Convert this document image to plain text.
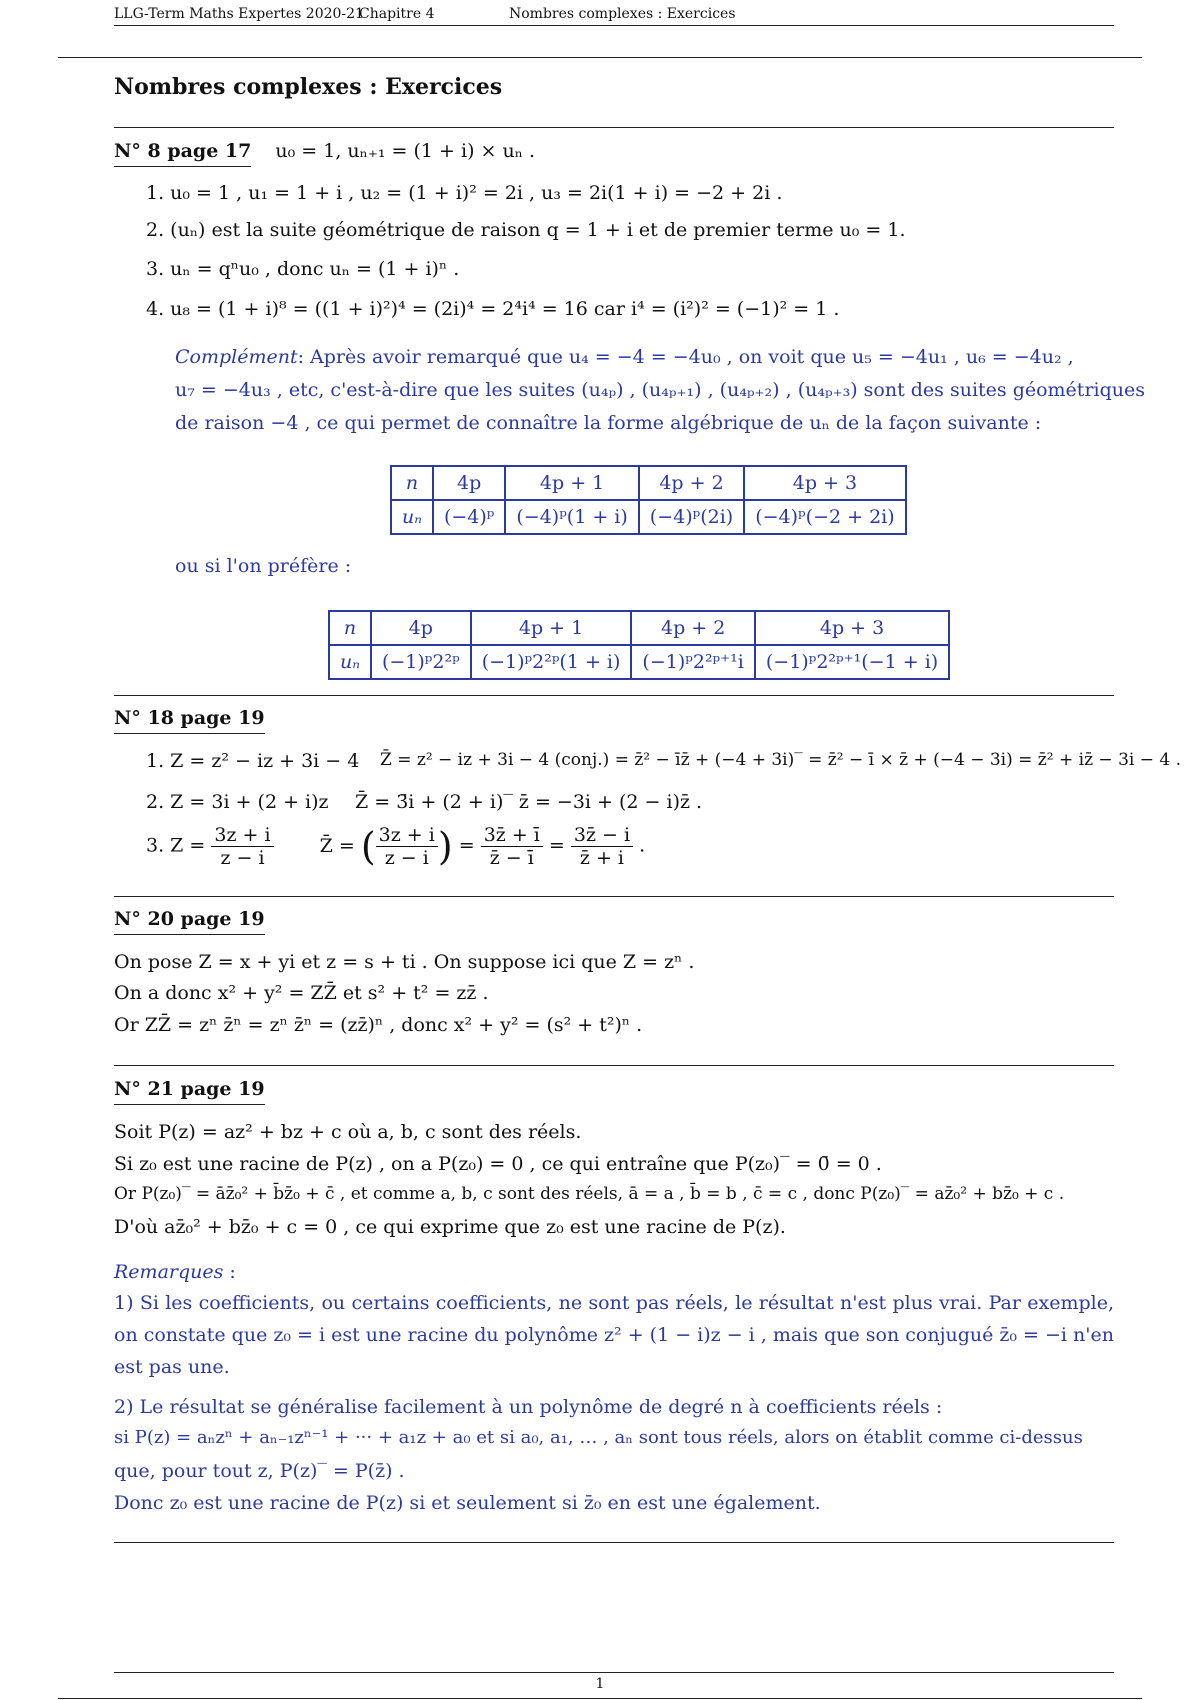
LLG-Term Maths Expertes 2020-21
Chapitre 4	Nombres complexes : Exercices
Nombres complexes : Exercices
N° 8 page 17 u₀ = 1, uₙ₊₁ = (1 + i) × uₙ .
1. u₀ = 1 , u₁ = 1 + i , u₂ = (1 + i)² = 2i , u₃ = 2i(1 + i) = −2 + 2i .
2. (uₙ) est la suite géométrique de raison q = 1 + i et de premier terme u₀ = 1.
3. uₙ = qⁿu₀ , donc uₙ = (1 + i)ⁿ .
4. u₈ = (1 + i)⁸ = ((1 + i)²)⁴ = (2i)⁴ = 2⁴i⁴ = 16 car i⁴ = (i²)² = (−1)² = 1 .
Complément: Après avoir remarqué que u₄ = −4 = −4u₀ , on voit que u₅ = −4u₁ , u₆ = −4u₂ ,
u₇ = −4u₃ , etc, c'est-à-dire que les suites (u₄ₚ) , (u₄ₚ₊₁) , (u₄ₚ₊₂) , (u₄ₚ₊₃) sont des suites géométriques
de raison −4 , ce qui permet de connaître la forme algébrique de uₙ de la façon suivante :
n	4p	4p + 1	4p + 2	4p + 3
uₙ	(−4)ᵖ	(−4)ᵖ(1 + i)	(−4)ᵖ(2i)	(−4)ᵖ(−2 + 2i)
ou si l'on préfère :
n	4p	4p + 1	4p + 2	4p + 3
uₙ	(−1)ᵖ2²ᵖ	(−1)ᵖ2²ᵖ(1 + i)	(−1)ᵖ2²ᵖ⁺¹i	(−1)ᵖ2²ᵖ⁺¹(−1 + i)
N° 18 page 19
1. Z = z² − iz + 3i − 4 Z̄ = z² − iz + 3i − 4 (conj.) = z̄² − īz̄ + (−4 + 3i)‾ = z̄² − ī × z̄ + (−4 − 3i) = z̄² + iz̄ − 3i − 4 .
2. Z = 3i + (2 + i)z Z̄ = 3̄i + (2 + i)‾ z̄ = −3i + (2 − i)z̄ .
3. $Z = \frac{3z + i}{z - i}$ Z̄ = ( $\frac{3z + i}{z - i}$ ) = $\frac{3z̄ + ī}{z̄ - ī} = \frac{3z̄ - i}{z̄ + i}$ .
N° 20 page 19
On pose Z = x + yi et z = s + ti . On suppose ici que Z = zⁿ .
On a donc x² + y² = ZZ̄ et s² + t² = zz̄ .
Or ZZ̄ = zⁿ z̄ⁿ = zⁿ z̄ⁿ = (zz̄)ⁿ , donc x² + y² = (s² + t²)ⁿ .
N° 21 page 19
Soit P(z) = az² + bz + c où a, b, c sont des réels.
Si z₀ est une racine de P(z) , on a P(z₀) = 0 , ce qui entraîne que P(z₀)‾ = 0̄ = 0 .
Or P(z₀)‾ = āz̄₀² + b̄z̄₀ + c̄ , et comme a, b, c sont des réels, ā = a , b̄ = b , c̄ = c , donc P(z₀)‾ = az̄₀² + bz̄₀ + c .
D'où az̄₀² + bz̄₀ + c = 0 , ce qui exprime que z₀ est une racine de P(z).
Remarques :
1) Si les coefficients, ou certains coefficients, ne sont pas réels, le résultat n'est plus vrai. Par exemple, on constate que z₀ = i est une racine du polynôme z² + (1 − i)z − i , mais que son conjugué z̄₀ = −i n'en est pas une.
2) Le résultat se généralise facilement à un polynôme de degré n à coefficients réels :
si P(z) = aₙzⁿ + aₙ₋₁zⁿ⁻¹ + ··· + a₁z + a₀ et si a₀, a₁, … , aₙ sont tous réels, alors on établit comme ci-dessus
que, pour tout z, P(z)‾ = P(z̄) .
Donc z₀ est une racine de P(z) si et seulement si z̄₀ en est une également.
1
